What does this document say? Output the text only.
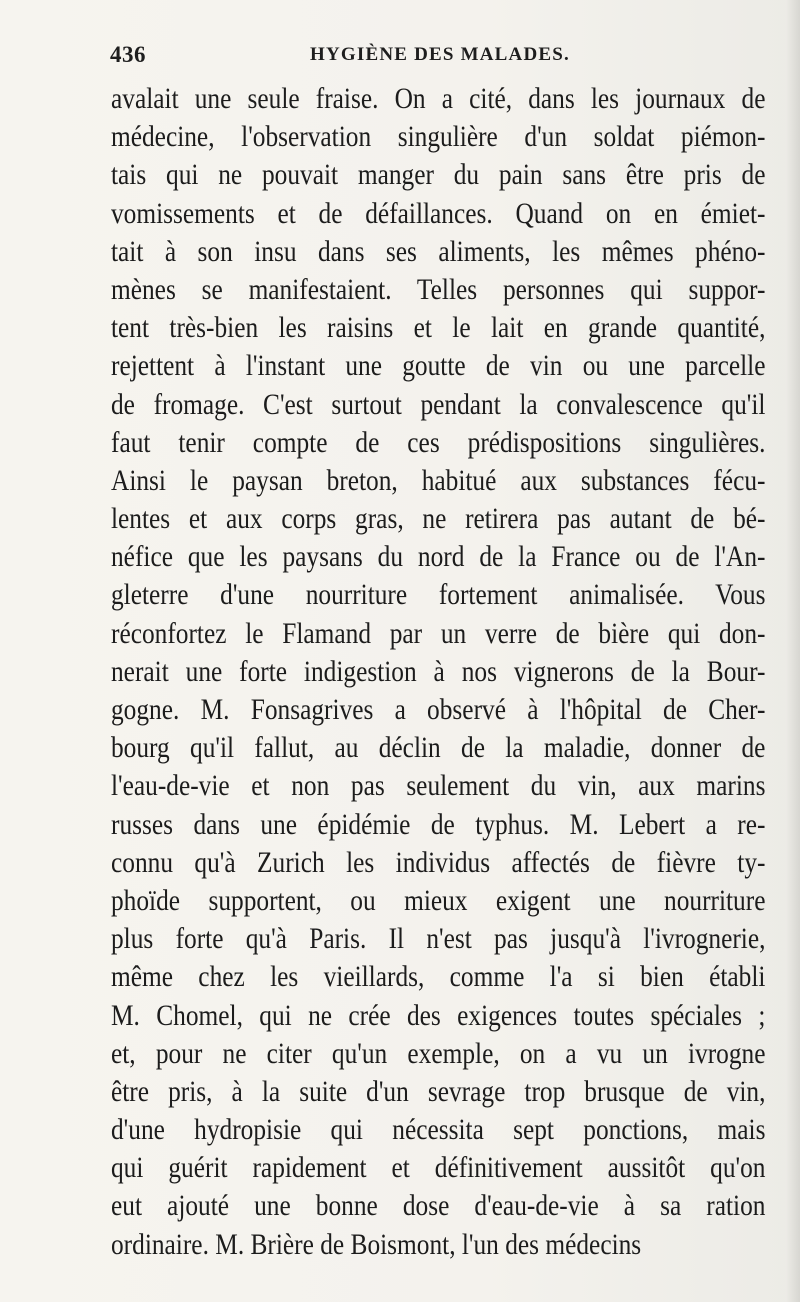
436	HYGIÈNE DES MALADES.
avalait une seule fraise. On a cité, dans les journaux de
médecine, l'observation singulière d'un soldat piémon-
tais qui ne pouvait manger du pain sans être pris de
vomissements et de défaillances. Quand on en émiet-
tait à son insu dans ses aliments, les mêmes phéno-
mènes se manifestaient. Telles personnes qui suppor-
tent très-bien les raisins et le lait en grande quantité,
rejettent à l'instant une goutte de vin ou une parcelle
de fromage. C'est surtout pendant la convalescence qu'il
faut tenir compte de ces prédispositions singulières.
Ainsi le paysan breton, habitué aux substances fécu-
lentes et aux corps gras, ne retirera pas autant de bé-
néfice que les paysans du nord de la France ou de l'An-
gleterre d'une nourriture fortement animalisée. Vous
réconfortez le Flamand par un verre de bière qui don-
nerait une forte indigestion à nos vignerons de la Bour-
gogne. M. Fonsagrives a observé à l'hôpital de Cher-
bourg qu'il fallut, au déclin de la maladie, donner de
l'eau-de-vie et non pas seulement du vin, aux marins
russes dans une épidémie de typhus. M. Lebert a re-
connu qu'à Zurich les individus affectés de fièvre ty-
phoïde supportent, ou mieux exigent une nourriture
plus forte qu'à Paris. Il n'est pas jusqu'à l'ivrognerie,
même chez les vieillards, comme l'a si bien établi
M. Chomel, qui ne crée des exigences toutes spéciales ;
et, pour ne citer qu'un exemple, on a vu un ivrogne
être pris, à la suite d'un sevrage trop brusque de vin,
d'une hydropisie qui nécessita sept ponctions, mais
qui guérit rapidement et définitivement aussitôt qu'on
eut ajouté une bonne dose d'eau-de-vie à sa ration
ordinaire. M. Brière de Boismont, l'un des médecins
